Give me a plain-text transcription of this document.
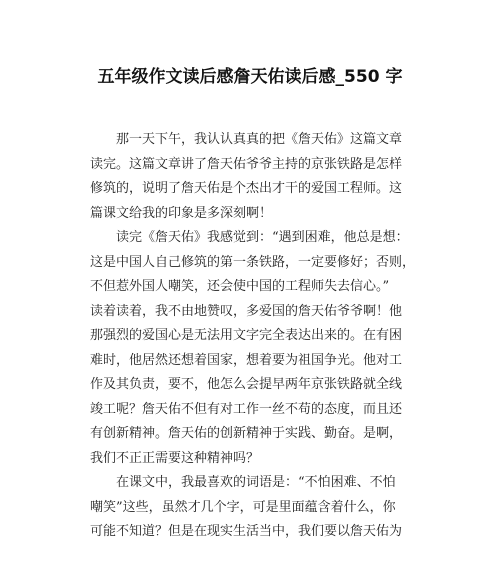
五年级作文读后感詹天佑读后感_550 字
那一天下午，我认认真真的把《詹天佑》这篇文章
读完。这篇文章讲了詹天佑爷爷主持的京张铁路是怎样
修筑的，说明了詹天佑是个杰出才干的爱国工程师。这
篇课文给我的印象是多深刻啊！
读完《詹天佑》我感觉到：“遇到困难，他总是想：
这是中国人自己修筑的第一条铁路，一定要修好；否则，
不但惹外国人嘲笑，还会使中国的工程师失去信心。”
读着读着，我不由地赞叹，多爱国的詹天佑爷爷啊！他
那强烈的爱国心是无法用文字完全表达出来的。在有困
难时，他居然还想着国家，想着要为祖国争光。他对工
作及其负责，要不，他怎么会提早两年京张铁路就全线
竣工呢？詹天佑不但有对工作一丝不苟的态度，而且还
有创新精神。詹天佑的创新精神于实践、勤奋。是啊，
我们不正正需要这种精神吗？
在课文中，我最喜欢的词语是：“不怕困难、不怕
嘲笑”这些，虽然才几个字，可是里面蕴含着什么，你
可能不知道？但是在现实生活当中，我们要以詹天佑为
